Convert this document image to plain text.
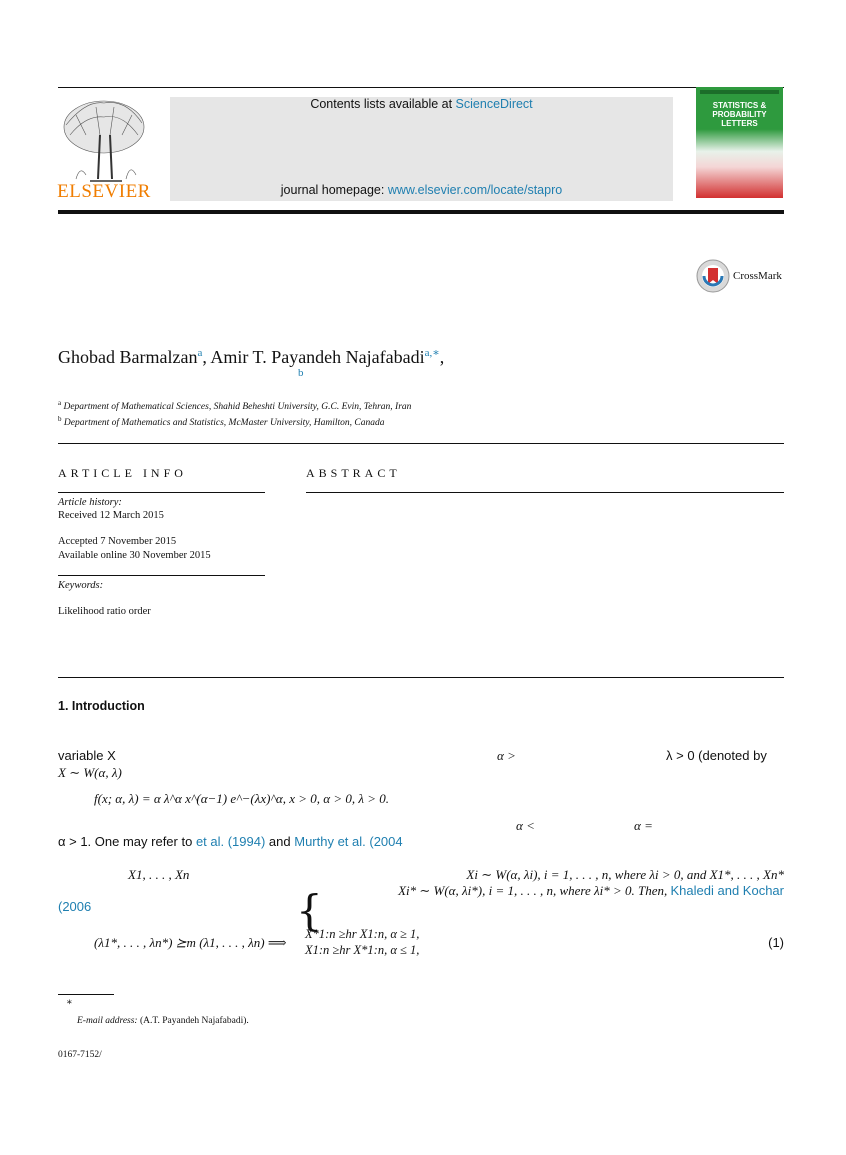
ELSEVIER
Contents lists available at ScienceDirect
journal homepage: www.elsevier.com/locate/stapro
STATISTICS & PROBABILITY LETTERS
CrossMark
Ghobad Barmalzan$^a$, Amir T. Payandeh Najafabadi$^{a,∗}$,
b
$^a$ Department of Mathematical Sciences, Shahid Beheshti University, G.C. Evin, Tehran, Iran
$^b$ Department of Mathematics and Statistics, McMaster University, Hamilton, Canada
ARTICLE INFO
Article history:
Received 12 March 2015
Accepted 7 November 2015
Available online 30 November 2015
Keywords:
Likelihood ratio order
ABSTRACT
1. Introduction
variable X	α >	λ > 0 (denoted by
X ∼ W(α, λ)
f(x; α, λ) = α λ^α x^(α−1) e^−(λx)^α, x > 0, α > 0, λ > 0.
α <	α =
α > 1. One may refer to et al. (1994) and Murthy et al. (2004
X1, . . . , Xn	Xi ∼ W(α, λi), i = 1, . . . , n, where λi > 0, and X1*, . . . , Xn*
Xi* ∼ W(α, λi*), i = 1, . . . , n, where λi* > 0. Then, Khaledi and Kochar
(2006
(λ1*, . . . , λn*) ⪰m (λ1, . . . , λn) ⟹
{
X*1:n ≥hr X1:n, α ≥ 1,
X1:n ≥hr X*1:n, α ≤ 1,	(1)
∗
E-mail address: (A.T. Payandeh Najafabadi).
0167-7152/
